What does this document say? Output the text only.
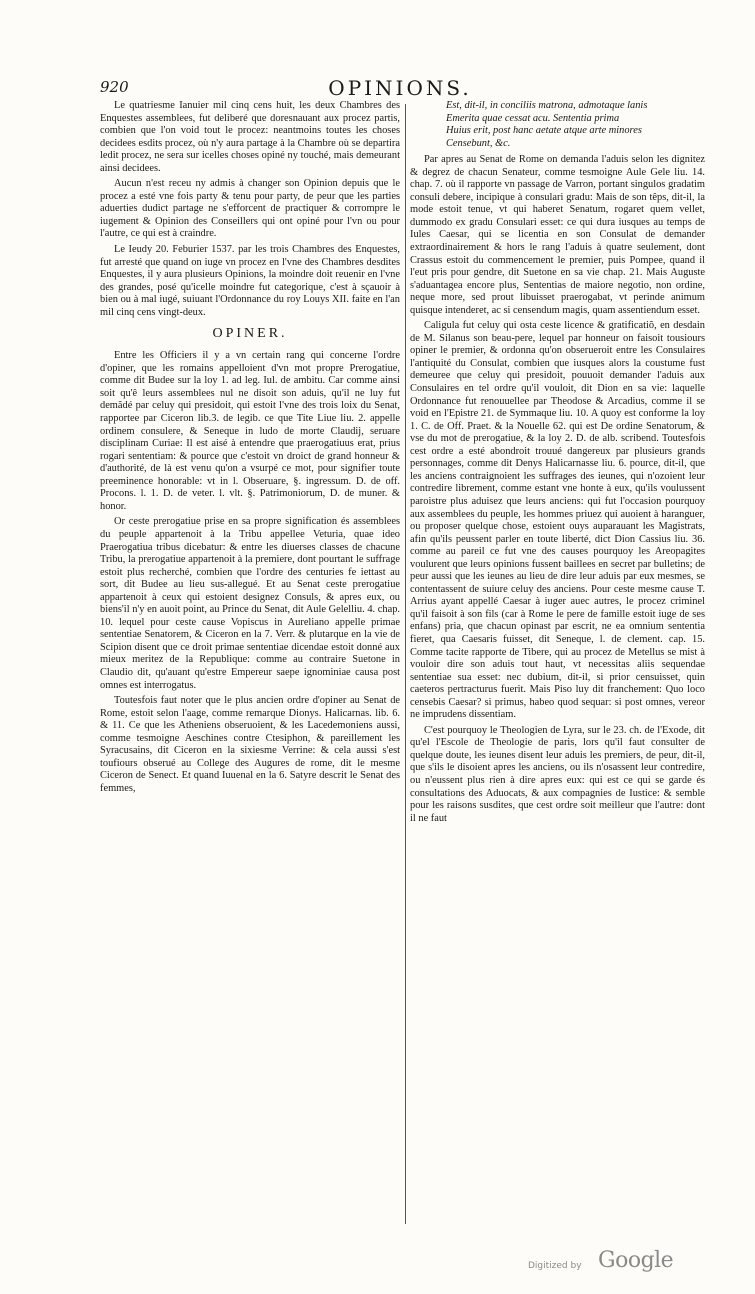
920	OPINIONS.

Le quatriesme Ianuier mil cinq cens huit, les deux Chambres des Enquestes assemblees, fut deliberé que doresnauant aux procez partis, combien que l'on void tout le procez: neantmoins toutes les choses decidees esdits procez, où n'y aura partage à la Chambre où se departira ledit procez, ne sera sur icelles choses opiné ny touché, mais demeurant ainsi decidees.

Aucun n'est receu ny admis à changer son Opinion depuis que le procez a esté vne fois party & tenu pour party, de peur que les parties aduerties dudict partage ne s'efforcent de practiquer & corrompre le iugement & Opinion des Conseillers qui ont opiné pour l'vn ou pour l'autre, ce qui est à craindre.

Le Ieudy 20. Feburier 1537. par les trois Chambres des Enquestes, fut arresté que quand on iuge vn procez en l'vne des Chambres desdites Enquestes, il y aura plusieurs Opinions, la moindre doit reuenir en l'vne des grandes, posé qu'icelle moindre fut categorique, c'est à sçauoir à bien ou à mal iugé, suiuant l'Ordonnance du roy Louys XII. faite en l'an mil cinq cens vingt-deux.

OPINER.

Entre les Officiers il y a vn certain rang qui concerne l'ordre d'opiner, que les romains appelloient d'vn mot propre Prerogatiue, comme dit Budee sur la loy 1. ad leg. Iul. de ambitu. Car comme ainsi soit qu'ê leurs assemblees nul ne disoit son aduis, qu'il ne luy fut demãdé par celuy qui presidoit, qui estoit l'vne des trois loix du Senat, rapportee par Ciceron lib.3. de legib. ce que Tite Liue liu. 2. appelle ordinem consulere, & Seneque in ludo de morte Claudij, seruare disciplinam Curiae: Il est aisé à entendre que praerogatiuus erat, prius rogari sententiam: & pource que c'estoit vn droict de grand honneur & d'authorité, de là est venu qu'on a vsurpé ce mot, pour signifier toute preeminence honorable: vt in l. Obseruare, §. ingressum. D. de off. Procons. l. 1. D. de veter. l. vlt. §. Patrimoniorum, D. de muner. & honor.

Or ceste prerogatiue prise en sa propre signification és assemblees du peuple appartenoit à la Tribu appellee Veturia, quae ideo Praerogatiua tribus dicebatur: & entre les diuerses classes de chacune Tribu, la prerogatiue appartenoit à la premiere, dont pourtant le suffrage estoit plus recherché, combien que l'ordre des centuries fe iettast au sort, dit Budee au lieu sus-allegué. Et au Senat ceste prerogatiue appartenoit à ceux qui estoient designez Consuls, & apres eux, ou biens'il n'y en auoit point, au Prince du Senat, dit Aule Gelelliu. 4. chap. 10. lequel pour ceste cause Vopiscus in Aureliano appelle primae sententiae Senatorem, & Ciceron en la 7. Verr. & plutarque en la vie de Scipion disent que ce droit primae sententiae dicendae estoit donné aux mieux meritez de la Republique: comme au contraire Suetone in Claudio dit, qu'auant qu'estre Empereur saepe ignominiae causa post omnes est interrogatus.

Toutesfois faut noter que le plus ancien ordre d'opiner au Senat de Rome, estoit selon l'aage, comme remarque Dionys. Halicarnas. lib. 6. & 11. Ce que les Atheniens obseruoient, & les Lacedemoniens aussi, comme tesmoigne Aeschines contre Ctesiphon, & pareillement les Syracusains, dit Ciceron en la sixiesme Verrine: & cela aussi s'est toufiours obserué au College des Augures de rome, dit le mesme Ciceron de Senect. Et quand Iuuenal en la 6. Satyre descrit le Senat des femmes,

Est, dit-il, in conciliis matrona, admotaque lanis

Emerita quae cessat acu. Sententia prima

Huius erit, post hanc aetate atque arte minores

Censebunt, &c.

Par apres au Senat de Rome on demanda l'aduis selon les dignitez & degrez de chacun Senateur, comme tesmoigne Aule Gele liu. 14. chap. 7. où il rapporte vn passage de Varron, portant singulos gradatim consuli debere, incipique à consulari gradu: Mais de son têps, dit-il, la mode estoit tenue, vt qui haberet Senatum, rogaret quem vellet, dummodo ex gradu Consulari esset: ce qui dura iusques au temps de Iules Caesar, qui se licentia en son Consulat de demander extraordinairement & hors le rang l'aduis à quatre seulement, dont Crassus estoit du commencement le premier, puis Pompee, quand il l'eut pris pour gendre, dit Suetone en sa vie chap. 21. Mais Auguste s'aduantagea encore plus, Sententias de maiore negotio, non ordine, neque more, sed prout libuisset praerogabat, vt perinde animum quisque intenderet, ac si censendum magis, quam assentiendum esset.

Caligula fut celuy qui osta ceste licence & gratificatiõ, en desdain de M. Silanus son beau-pere, lequel par honneur on faisoit tousiours opiner le premier, & ordonna qu'on obserueroit entre les Consulaires l'antiquité du Consulat, combien que iusques alors la coustume fust demeuree que celuy qui presidoit, pouuoit demander l'aduis aux Consulaires en tel ordre qu'il vouloit, dit Dion en sa vie: laquelle Ordonnance fut renouuellee par Theodose & Arcadius, comme il se void en l'Epistre 21. de Symmaque liu. 10. A quoy est conforme la loy 1. C. de Off. Praet. & la Nouelle 62. qui est De ordine Senatorum, & vse du mot de prerogatiue, & la loy 2. D. de alb. scribend. Toutesfois cest ordre a esté abondroit trouué dangereux par plusieurs grands personnages, comme dit Denys Halicarnasse liu. 6. pource, dit-il, que les anciens contraignoient les suffrages des ieunes, qui n'ozoient leur contredire librement, comme estant vne honte à eux, qu'ils voulussent paroistre plus aduisez que leurs anciens: qui fut l'occasion pourquoy aux assemblees du peuple, les hommes priuez qui auoient à haranguer, ou proposer quelque chose, estoient ouys auparauant les Magistrats, afin qu'ils peussent parler en toute liberté, dict Dion Cassius liu. 36. comme au pareil ce fut vne des causes pourquoy les Areopagites voulurent que leurs opinions fussent baillees en secret par bulletins; de peur aussi que les ieunes au lieu de dire leur aduis par eux mesmes, se contentassent de suiure celuy des anciens. Pour ceste mesme cause T. Arrius ayant appellé Caesar à iuger auec autres, le procez criminel qu'il faisoit à son fils (car à Rome le pere de famille estoit iuge de ses enfans) pria, que chacun opinast par escrit, ne ea omnium sententia fieret, qua Caesaris fuisset, dit Seneque, l. de clement. cap. 15. Comme tacite rapporte de Tibere, qui au procez de Metellus se mist à vouloir dire son aduis tout haut, vt necessitas aliis sequendae sententiae sua esset: nec dubium, dit-il, si prior censuisset, quin caeteros pertracturus fuerit. Mais Piso luy dit franchement: Quo loco censebis Caesar? si primus, habeo quod sequar: si post omnes, vereor ne imprudens dissentiam.

C'est pourquoy le Theologien de Lyra, sur le 23. ch. de l'Exode, dit qu'el l'Escole de Theologie de paris, lors qu'il faut consulter de quelque doute, les ieunes disent leur aduis les premiers, de peur, dit-il, que s'ils le disoient apres les anciens, ou ils n'osassent leur contredire, ou n'eussent plus rien à dire apres eux: qui est ce qui se garde és consultations des Aduocats, & aux compagnies de Iustice: & semble pour les raisons susdites, que cest ordre soit meilleur que l'autre: dont il ne faut

Digitized by Google
